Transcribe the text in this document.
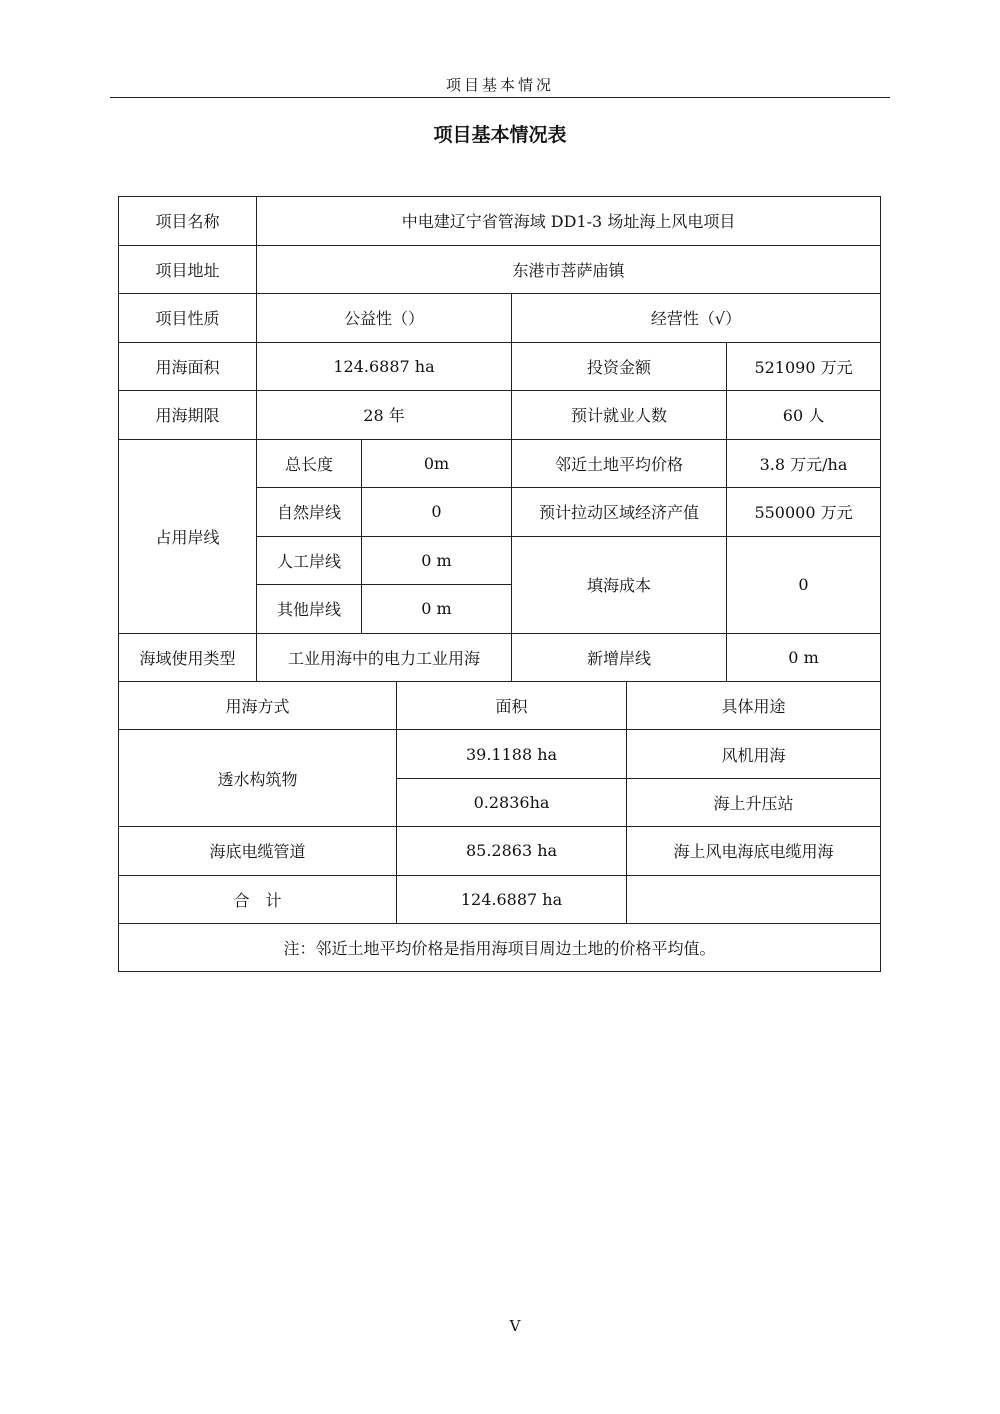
项目基本情况
项目基本情况表
项目名称	中电建辽宁省管海域 DD1-3 场址海上风电项目			
项目地址	东港市菩萨庙镇			
项目性质	公益性（）		经营性（√）	
用海面积	124.6887 ha		投资金额	521090 万元
用海期限	28 年		预计就业人数	60 人
占用岸线	总长度	0m	邻近土地平均价格	3.8 万元/ha
	自然岸线	0	预计拉动区域经济产值	550000 万元
	人工岸线	0 m	填海成本	0
	其他岸线	0 m		
海域使用类型	工业用海中的电力工业用海		新增岸线	0 m
用海方式	面积	具体用途
透水构筑物	39.1188 ha	风机用海
	0.2836ha	海上升压站
海底电缆管道	85.2863 ha	海上风电海底电缆用海
合　计	124.6887 ha	
注：邻近土地平均价格是指用海项目周边土地的价格平均值。		
V
